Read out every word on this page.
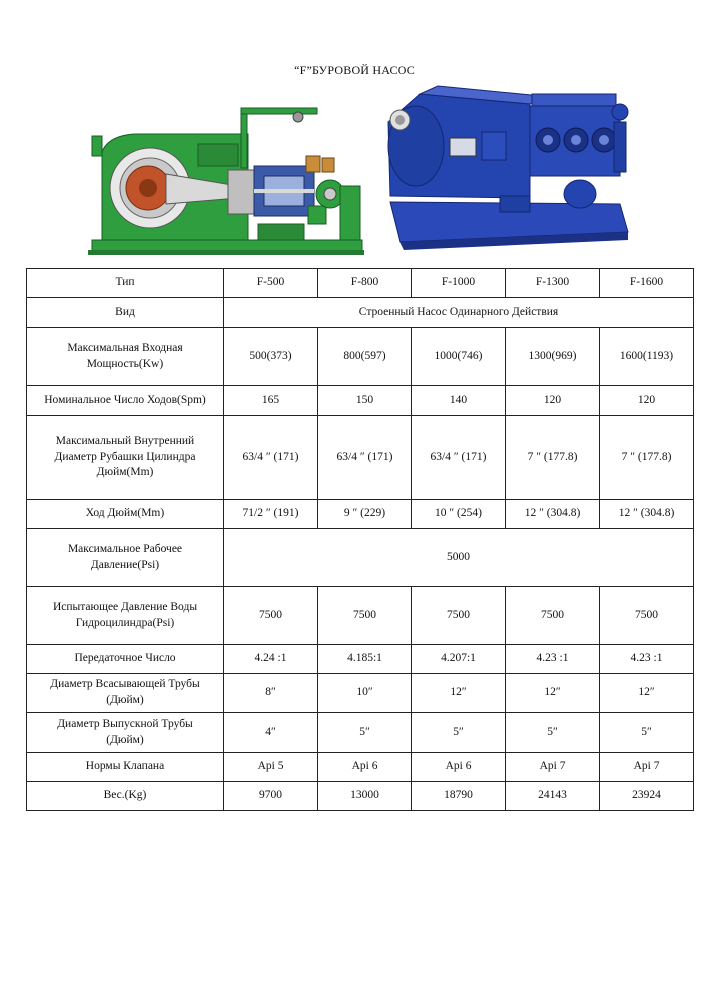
“F”БУРОВОЙ НАСОС
Тип	F-500	F-800	F-1000	F-1300	F-1600
Вид	Строенный Насос Одинарного Действия				
Максимальная Входная
Мощность(Kw)	500(373)	800(597)	1000(746)	1300(969)	1600(1193)
Номинальное Число Ходов(Spm)	165	150	140	120	120
Максимальный Внутренний
Диаметр Рубашки Цилиндра
Дюйм(Mm)	63/4 ″ (171)	63/4 ″ (171)	63/4 ″ (171)	7 ″ (177.8)	7 ″ (177.8)
Ход Дюйм(Mm)	71/2 ″ (191)	9 ″ (229)	10 ″ (254)	12 ″ (304.8)	12 ″ (304.8)
Максимальное Рабочее
Давление(Psi)	5000				
Испытающее Давление Воды
Гидроцилиндра(Psi)	7500	7500	7500	7500	7500
Передаточное Число	4.24 :1	4.185:1	4.207:1	4.23 :1	4.23 :1
Диаметр Всасывающей Трубы
(Дюйм)	8″	10″	12″	12″	12″
Диаметр Выпускной Трубы
(Дюйм)	4″	5″	5″	5″	5″
Нормы Клапана	Api 5	Api 6	Api 6	Api 7	Api 7
Вес.(Kg)	9700	13000	18790	24143	23924
